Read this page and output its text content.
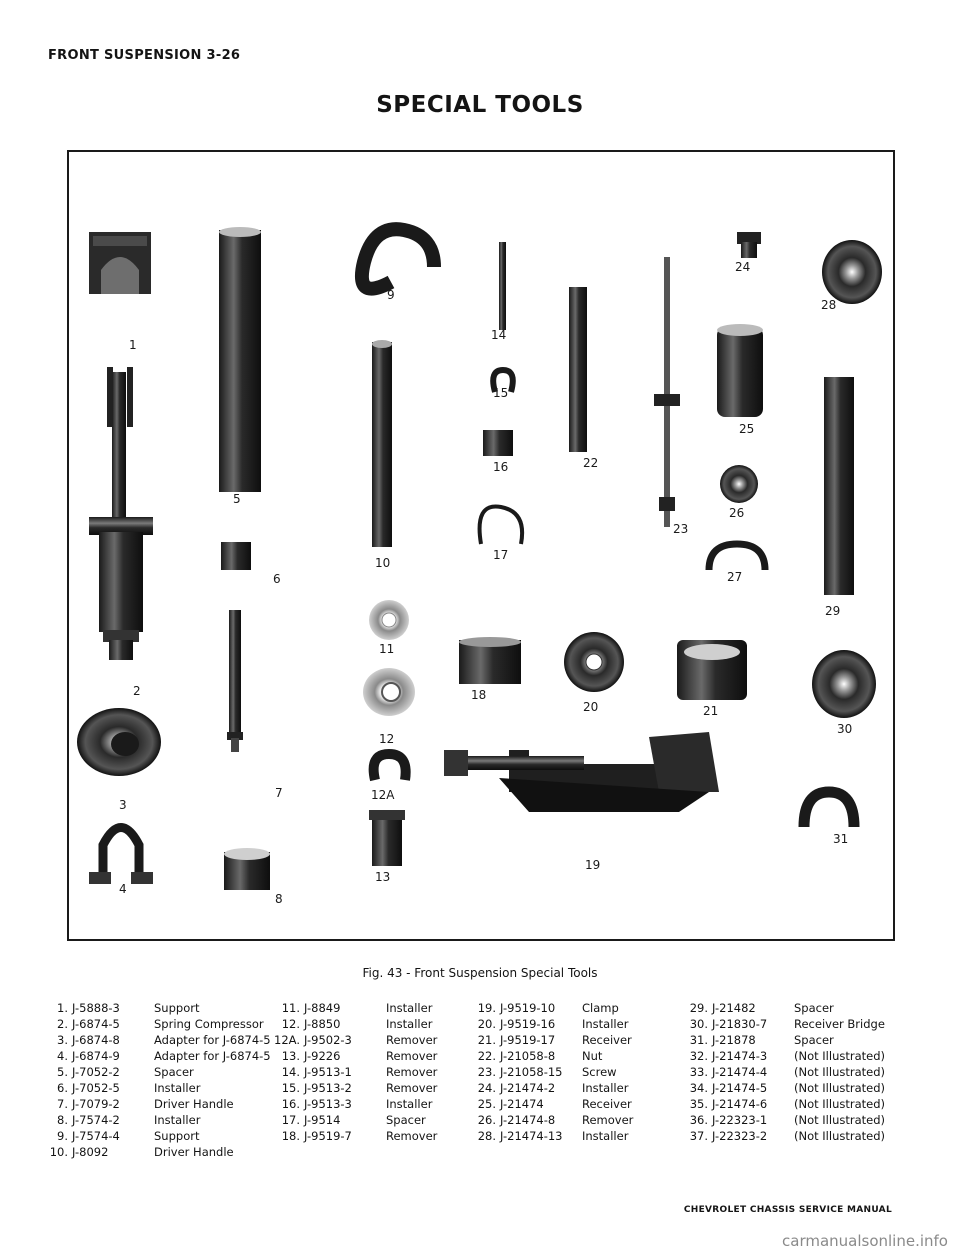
FRONT SUSPENSION 3-26
SPECIAL TOOLS
1
2
3
4
5
6
7
8
9
10
11
12
12A
13
14
15
16
17
18
19
20	21
22
23
24
25
26
27
28
29
30
31
Fig. 43 - Front Suspension Special Tools
1. J-5888-3	Support
2. J-6874-5	Spring Compressor
3. J-6874-8	Adapter for J-6874-5
4. J-6874-9	Adapter for J-6874-5
5. J-7052-2	Spacer
6. J-7052-5	Installer
7. J-7079-2	Driver Handle
8. J-7574-2	Installer
9. J-7574-4	Support
10. J-8092	Driver Handle
11. J-8849	Installer
12. J-8850	Installer
12A. J-9502-3	Remover
13. J-9226	Remover
14. J-9513-1	Remover
15. J-9513-2	Remover
16. J-9513-3	Installer
17. J-9514	Spacer
18. J-9519-7	Remover
19. J-9519-10 Clamp
20. J-9519-16 Installer
21. J-9519-17 Receiver
22. J-21058-8 Nut
23. J-21058-15 Screw
24. J-21474-2 Installer
25. J-21474	Receiver
26. J-21474-8 Remover
28. J-21474-13 Installer
29. J-21482	Spacer
30. J-21830-7 Receiver Bridge
31. J-21878	Spacer
32. J-21474-3 (Not Illustrated)
33. J-21474-4 (Not Illustrated)
34. J-21474-5 (Not Illustrated)
35. J-21474-6 (Not Illustrated)
36. J-22323-1 (Not Illustrated)
37. J-22323-2 (Not Illustrated)
CHEVROLET CHASSIS SERVICE MANUAL
carmanualsonline.info
